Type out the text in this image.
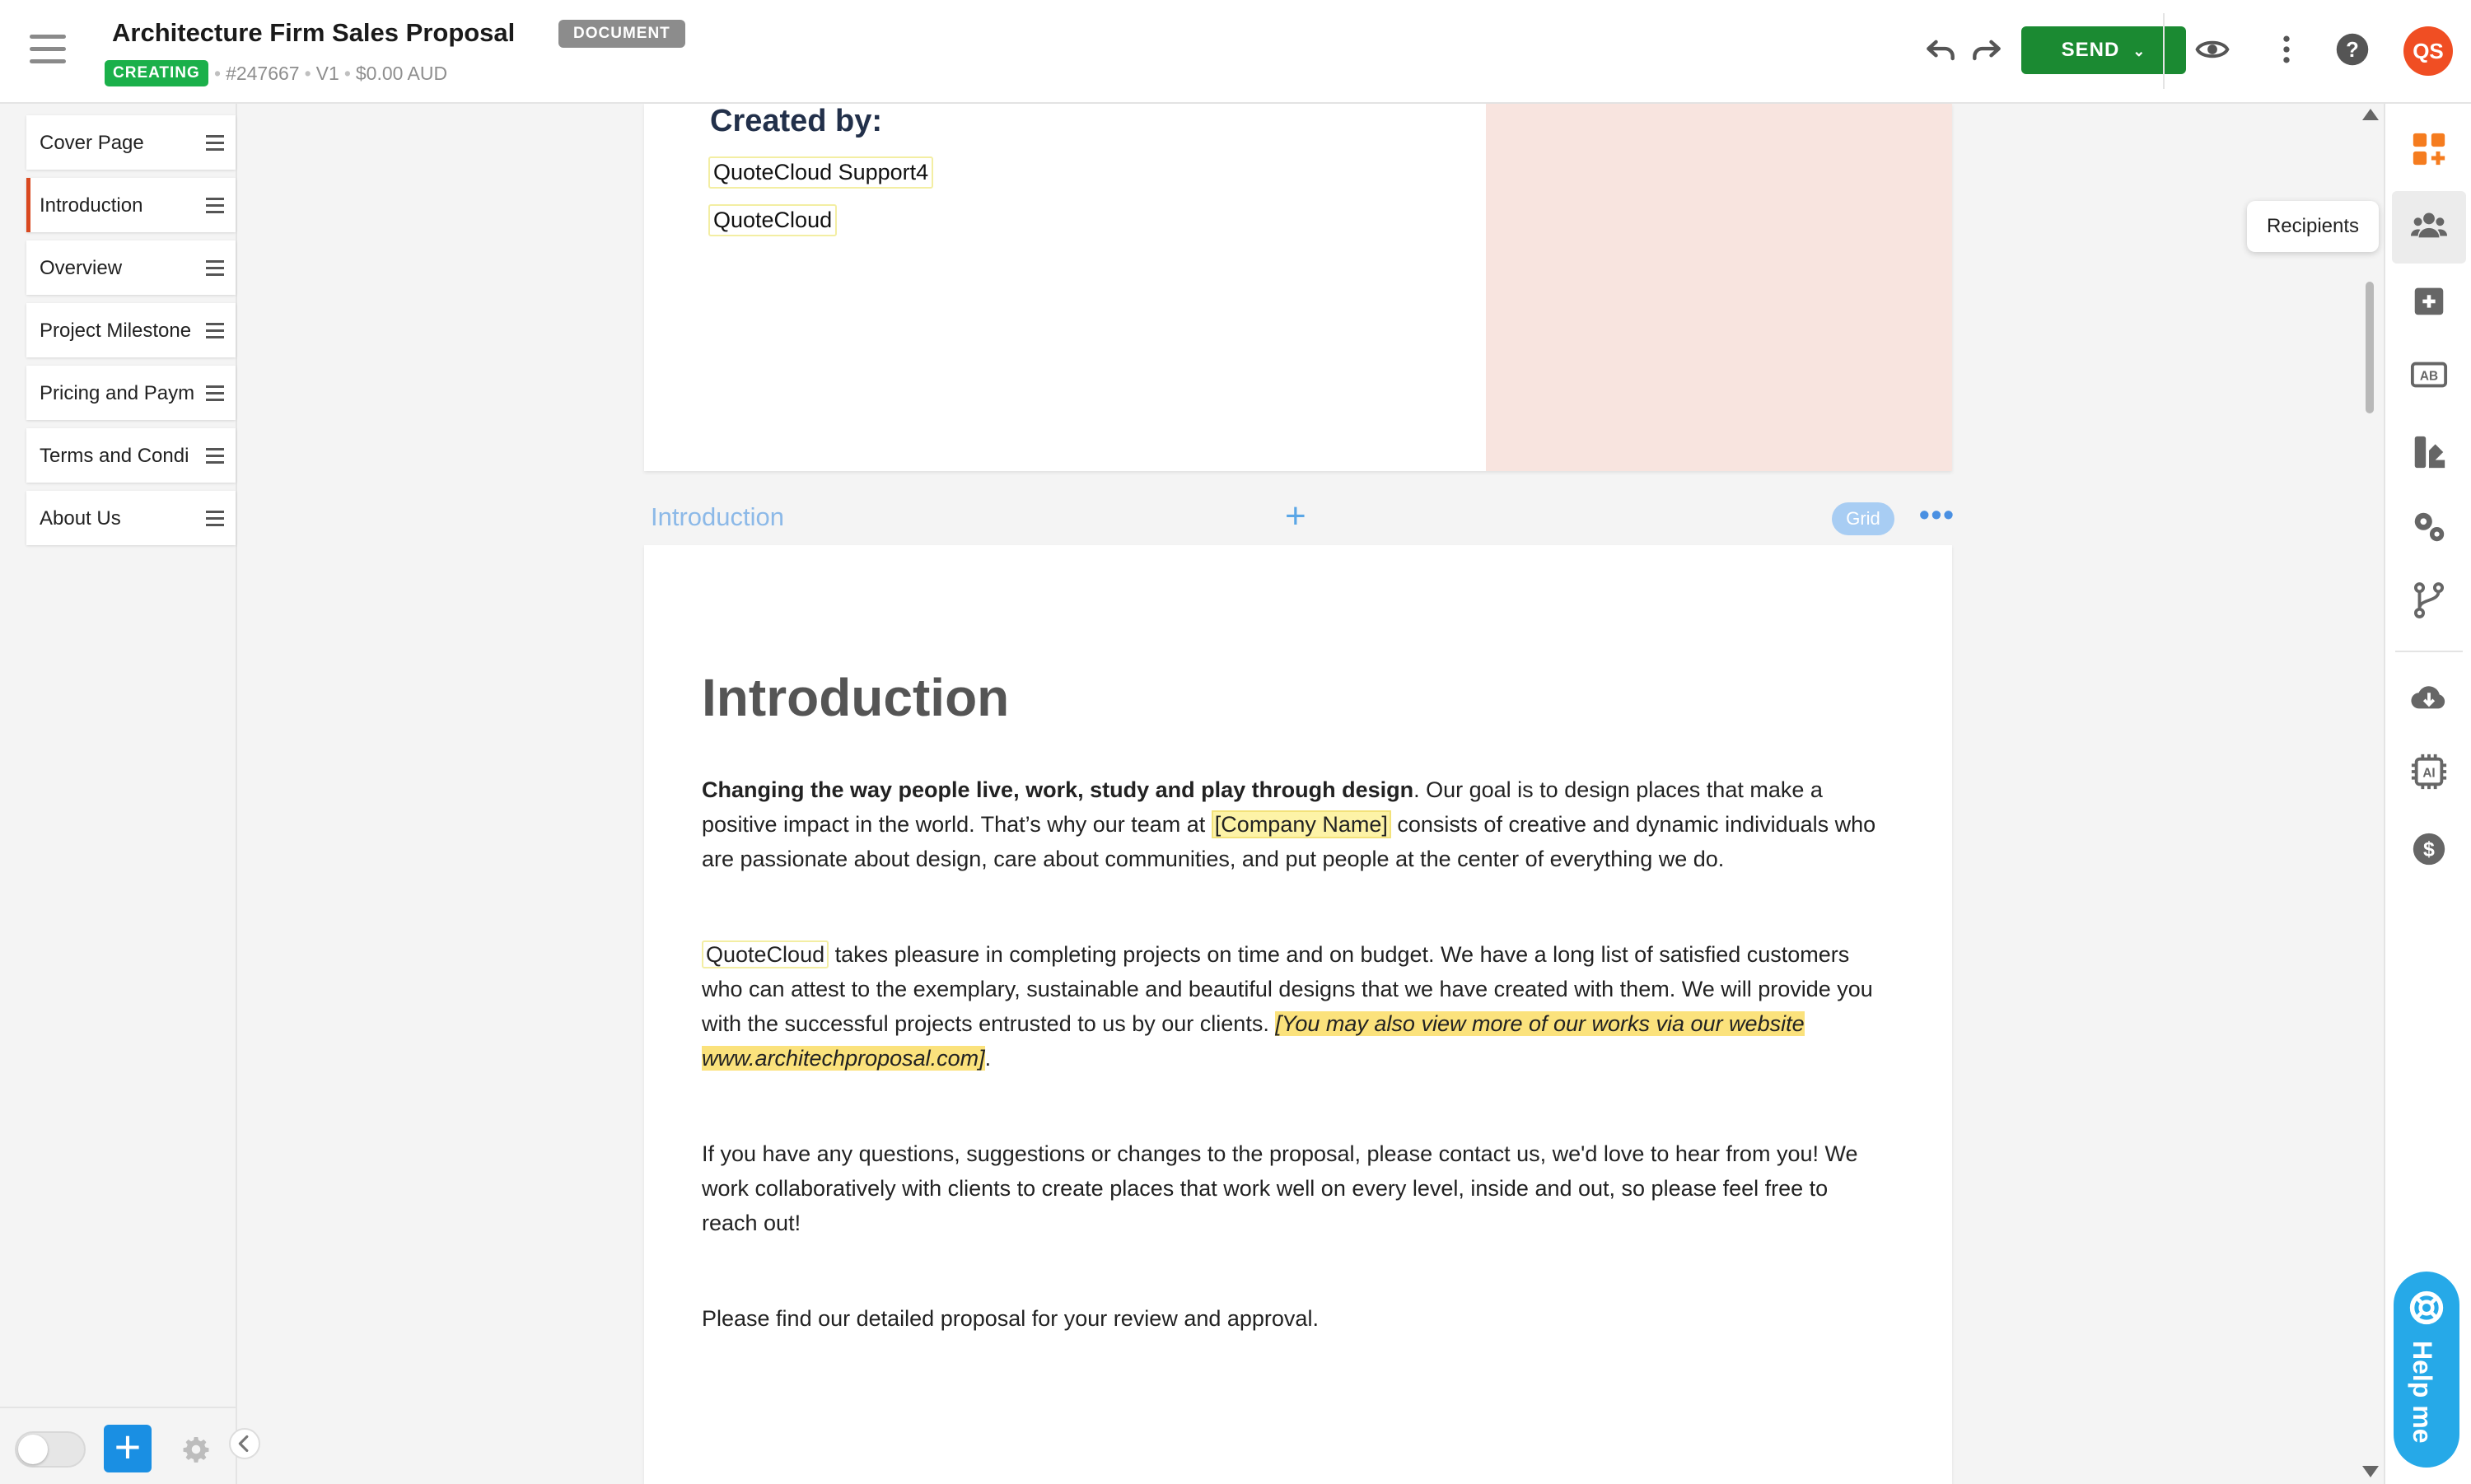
Architecture Firm Sales Proposal	DOCUMENT
CREATING • #247667 • V1 • $0.00 AUD
SEND ⌄	?	QS
Cover Page
Introduction
Overview
Project Milestone
Pricing and Paym
Terms and Condi
About Us
+
Created by:
QuoteCloud Support4
QuoteCloud
Introduction	+	Grid	•••
Introduction
Changing the way people live, work, study and play through design. Our goal is to design places that make a positive impact in the world. That’s why our team at [Company Name] consists of creative and dynamic individuals who are passionate about design, care about communities, and put people at the center of everything we do.
QuoteCloud takes pleasure in completing projects on time and on budget. We have a long list of satisfied customers who can attest to the exemplary, sustainable and beautiful designs that we have created with them. We will provide you with the successful projects entrusted to us by our clients. [You may also view more of our works via our website www.architechproposal.com].
If you have any questions, suggestions or changes to the proposal, please contact us, we'd love to hear from you! We work collaboratively with clients to create places that work well on every level, inside and out, so please feel free to reach out!
Please find our detailed proposal for your review and approval.
AB
AI
$
Recipients
Help me
